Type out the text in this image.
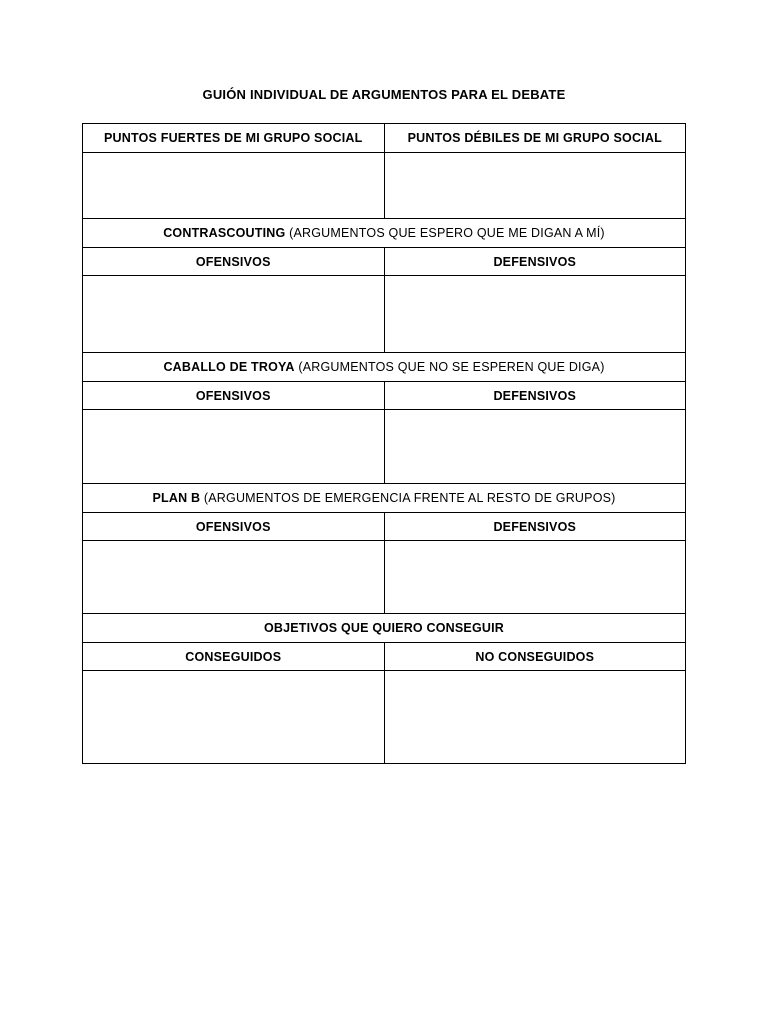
GUIÓN INDIVIDUAL DE ARGUMENTOS PARA EL DEBATE
PUNTOS FUERTES DE MI GRUPO SOCIAL	PUNTOS DÉBILES DE MI GRUPO SOCIAL

CONTRASCOUTING (ARGUMENTOS QUE ESPERO QUE ME DIGAN A MÍ)	
OFENSIVOS	DEFENSIVOS

CABALLO DE TROYA (ARGUMENTOS QUE NO SE ESPEREN QUE DIGA)	
OFENSIVOS	DEFENSIVOS

PLAN B (ARGUMENTOS DE EMERGENCIA FRENTE AL RESTO DE GRUPOS)	
OFENSIVOS	DEFENSIVOS

OBJETIVOS QUE QUIERO CONSEGUIR	
CONSEGUIDOS	NO CONSEGUIDOS
